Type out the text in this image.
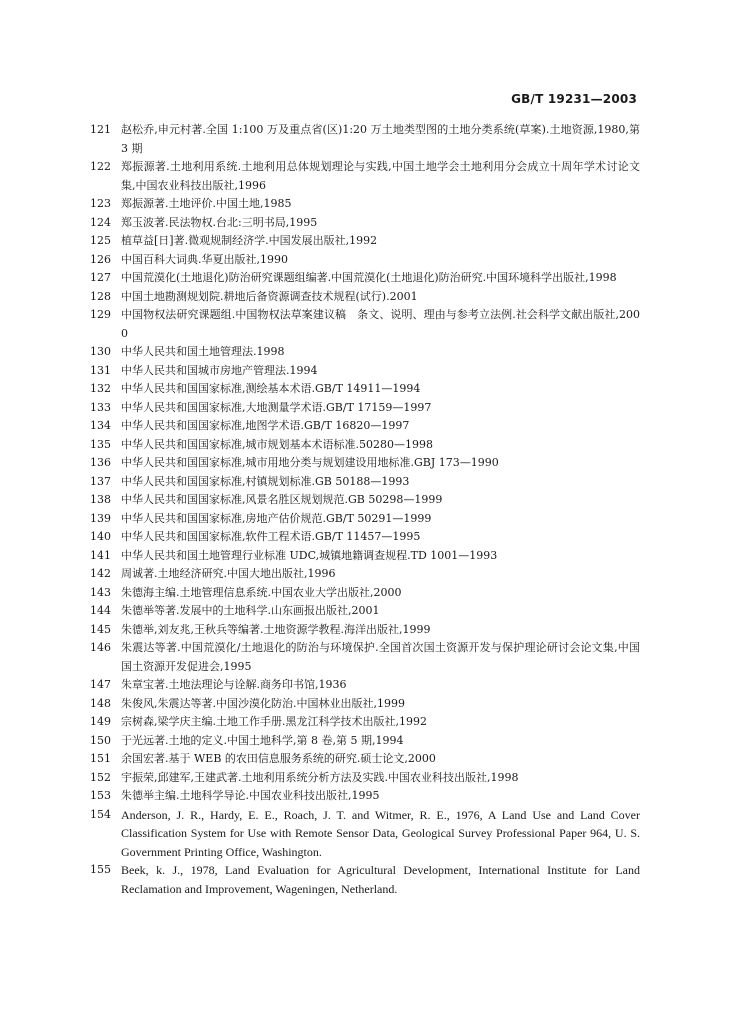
GB/T 19231—2003
121 赵松乔,申元村著.全国 1:100 万及重点省(区)1:20 万土地类型图的土地分类系统(草案).土地资源,1980,第 3 期
122 郑振源著.土地利用系统.土地利用总体规划理论与实践,中国土地学会土地利用分会成立十周年学术讨论文集,中国农业科技出版社,1996
123 郑振源著.土地评价.中国土地,1985
124 郑玉波著.民法物权.台北:三明书局,1995
125 植草益[日]著.微观规制经济学.中国发展出版社,1992
126 中国百科大词典.华夏出版社,1990
127 中国荒漠化(土地退化)防治研究课题组编著.中国荒漠化(土地退化)防治研究.中国环境科学出版社,1998
128 中国土地勘测规划院.耕地后备资源调查技术规程(试行).2001
129 中国物权法研究课题组.中国物权法草案建议稿　条文、说明、理由与参考立法例.社会科学文献出版社,2000
130 中华人民共和国土地管理法.1998
131 中华人民共和国城市房地产管理法.1994
132 中华人民共和国国家标准,测绘基本术语.GB/T 14911—1994
133 中华人民共和国国家标准,大地测量学术语.GB/T 17159—1997
134 中华人民共和国国家标准,地图学术语.GB/T 16820—1997
135 中华人民共和国国家标准,城市规划基本术语标准.50280—1998
136 中华人民共和国国家标准,城市用地分类与规划建设用地标准.GBJ 173—1990
137 中华人民共和国国家标准,村镇规划标准.GB 50188—1993
138 中华人民共和国国家标准,风景名胜区规划规范.GB 50298—1999
139 中华人民共和国国家标准,房地产估价规范.GB/T 50291—1999
140 中华人民共和国国家标准,软件工程术语.GB/T 11457—1995
141 中华人民共和国土地管理行业标准 UDC,城镇地籍调查规程.TD 1001—1993
142 周诚著.土地经济研究.中国大地出版社,1996
143 朱德海主编.土地管理信息系统.中国农业大学出版社,2000
144 朱德举等著.发展中的土地科学.山东画报出版社,2001
145 朱德举,刘友兆,王秋兵等编著.土地资源学教程.海洋出版社,1999
146 朱震达等著.中国荒漠化/土地退化的防治与环境保护.全国首次国土资源开发与保护理论研讨会论文集,中国国土资源开发促进会,1995
147 朱章宝著.土地法理论与诠解.商务印书馆,1936
148 朱俊风,朱震达等著.中国沙漠化防治.中国林业出版社,1999
149 宗树森,梁学庆主编.土地工作手册.黑龙江科学技术出版社,1992
150 于光远著.土地的定义.中国土地科学,第 8 卷,第 5 期,1994
151 余国宏著.基于 WEB 的农田信息服务系统的研究.硕士论文,2000
152 宇振荣,邱建军,王建武著.土地利用系统分析方法及实践.中国农业科技出版社,1998
153 朱德举主编.土地科学导论.中国农业科技出版社,1995
154 Anderson, J. R., Hardy, E. E., Roach, J. T. and Witmer, R. E., 1976, A Land Use and Land Cover Classification System for Use with Remote Sensor Data, Geological Survey Professional Paper 964, U. S. Government Printing Office, Washington.
155 Beek, k. J., 1978, Land Evaluation for Agricultural Development, International Institute for Land Reclamation and Improvement, Wageningen, Netherland.
